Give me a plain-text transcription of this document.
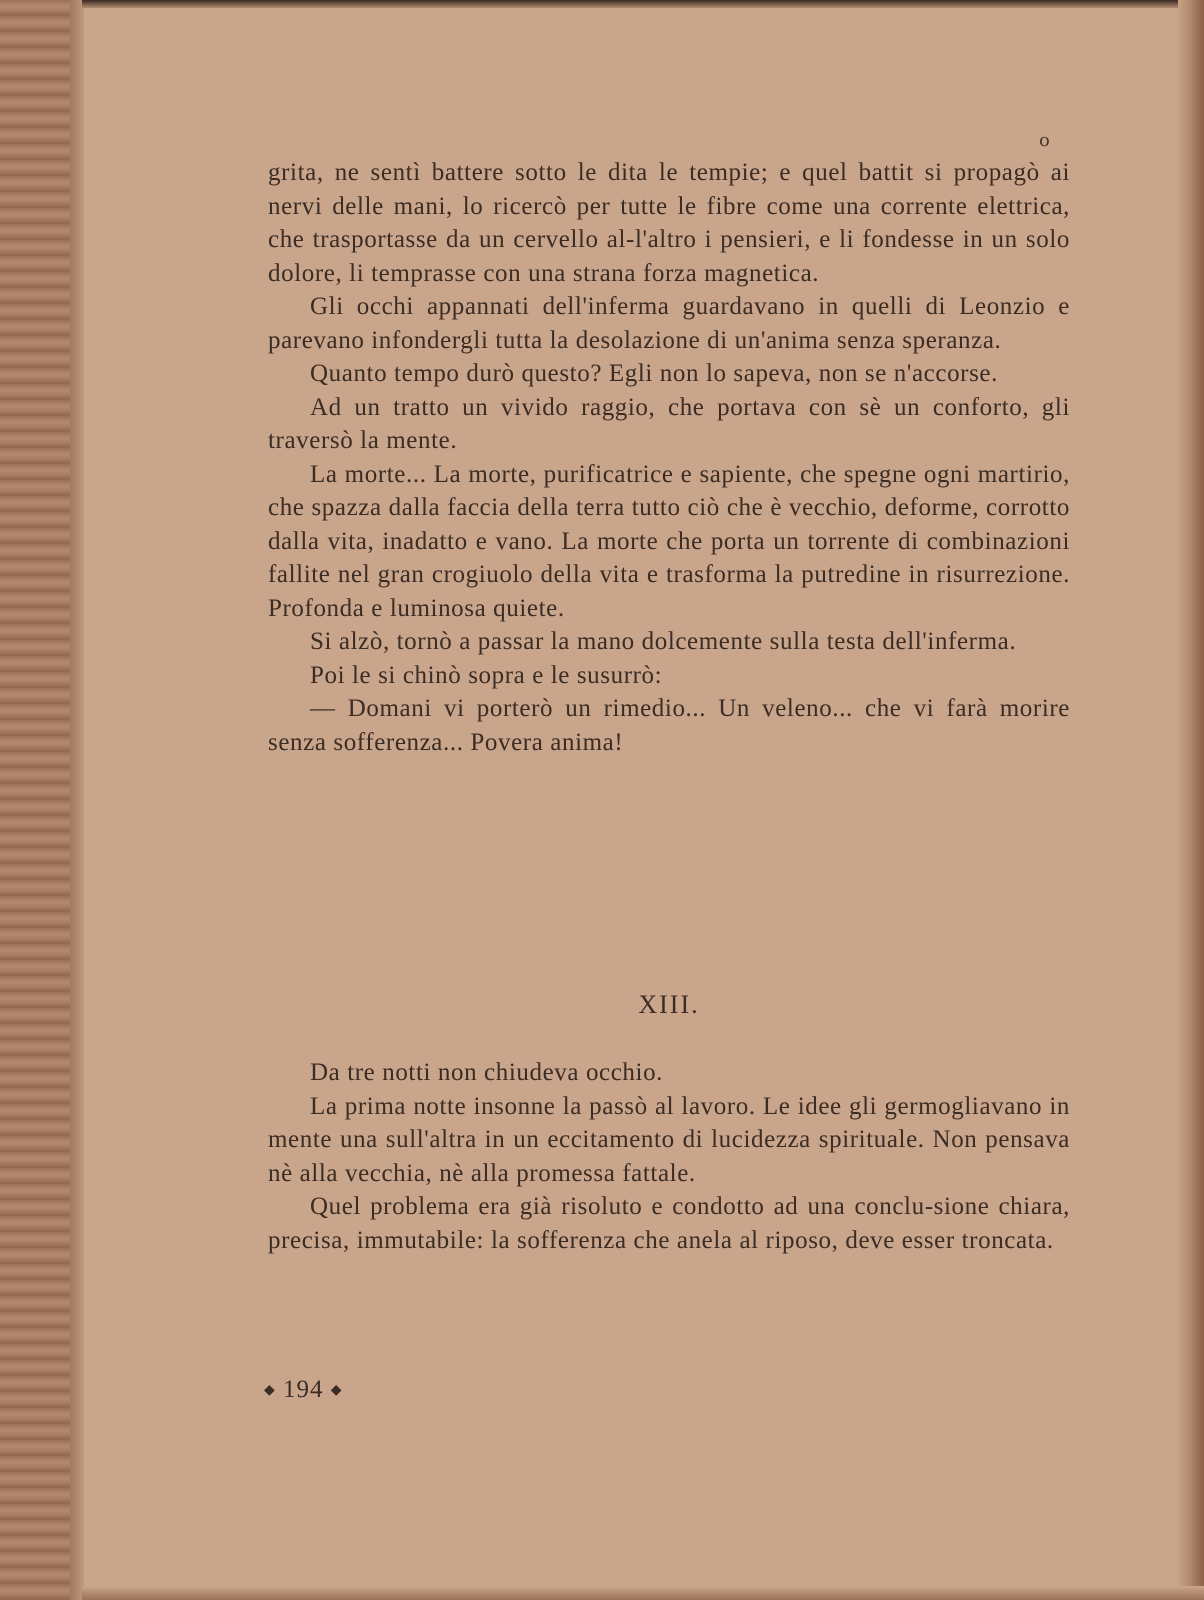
o

grita, ne sentì battere sotto le dita le tempie; e quel battit si propagò ai nervi delle mani, lo ricercò per tutte le fibre come una corrente elettrica, che trasportasse da un cervello al-l'altro i pensieri, e li fondesse in un solo dolore, li temprasse con una strana forza magnetica.

Gli occhi appannati dell'inferma guardavano in quelli di Leonzio e parevano infondergli tutta la desolazione di un'anima senza speranza.

Quanto tempo durò questo? Egli non lo sapeva, non se n'accorse.

Ad un tratto un vivido raggio, che portava con sè un conforto, gli traversò la mente.

La morte... La morte, purificatrice e sapiente, che spegne ogni martirio, che spazza dalla faccia della terra tutto ciò che è vecchio, deforme, corrotto dalla vita, inadatto e vano. La morte che porta un torrente di combinazioni fallite nel gran crogiuolo della vita e trasforma la putredine in risurrezione. Profonda e luminosa quiete.

Si alzò, tornò a passar la mano dolcemente sulla testa dell'inferma.

Poi le si chinò sopra e le susurrò:

— Domani vi porterò un rimedio... Un veleno... che vi farà morire senza sofferenza... Povera anima!

XIII.

Da tre notti non chiudeva occhio.

La prima notte insonne la passò al lavoro. Le idee gli germogliavano in mente una sull'altra in un eccitamento di lucidezza spirituale. Non pensava nè alla vecchia, nè alla promessa fattale.

Quel problema era già risoluto e condotto ad una conclu-sione chiara, precisa, immutabile: la sofferenza che anela al riposo, deve esser troncata.

◆ 194 ◆
